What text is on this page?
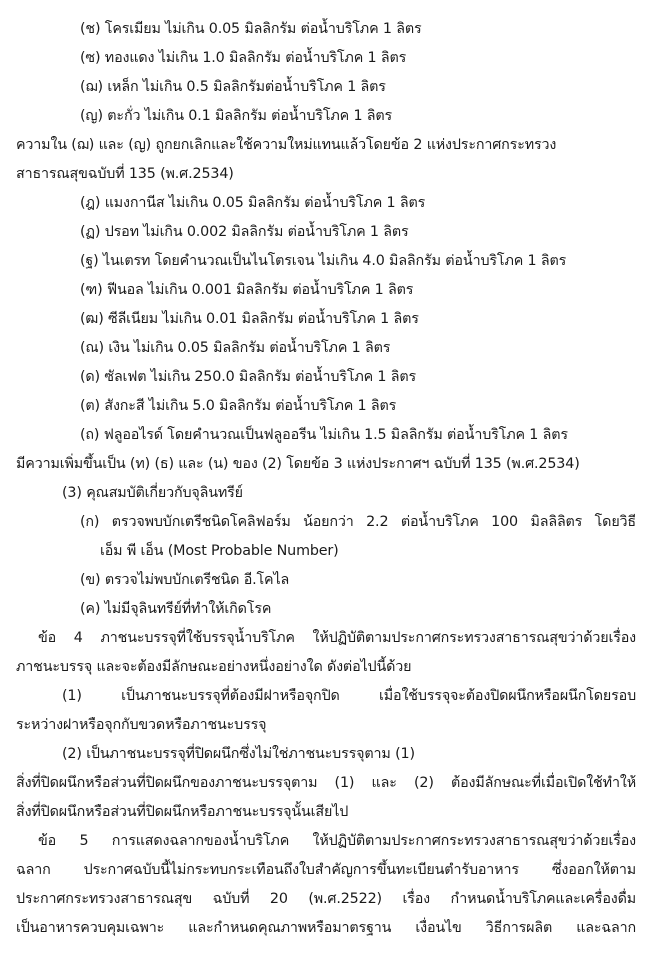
(ช) โครเมียม ไม่เกิน 0.05 มิลลิกรัม ต่อน้ำบริโภค 1 ลิตร
(ซ) ทองแดง ไม่เกิน 1.0 มิลลิกรัม ต่อน้ำบริโภค 1 ลิตร
(ฌ) เหล็ก ไม่เกิน 0.5 มิลลิกรัมต่อน้ำบริโภค 1 ลิตร
(ญ) ตะกั่ว ไม่เกิน 0.1 มิลลิกรัม ต่อน้ำบริโภค 1 ลิตร
ความใน (ฌ) และ (ญ) ถูกยกเลิกและใช้ความใหม่แทนแล้วโดยข้อ 2 แห่งประกาศกระทรวง
สาธารณสุขฉบับที่ 135 (พ.ศ.2534)
(ฎ) แมงกานีส ไม่เกิน 0.05 มิลลิกรัม ต่อน้ำบริโภค 1 ลิตร
(ฏ) ปรอท ไม่เกิน 0.002 มิลลิกรัม ต่อน้ำบริโภค 1 ลิตร
(ฐ) ไนเตรท โดยคำนวณเป็นไนโตรเจน ไม่เกิน 4.0 มิลลิกรัม ต่อน้ำบริโภค 1 ลิตร
(ฑ) ฟีนอล ไม่เกิน 0.001 มิลลิกรัม ต่อน้ำบริโภค 1 ลิตร
(ฒ) ซีลีเนียม ไม่เกิน 0.01 มิลลิกรัม ต่อน้ำบริโภค 1 ลิตร
(ณ) เงิน ไม่เกิน 0.05 มิลลิกรัม ต่อน้ำบริโภค 1 ลิตร
(ด) ซัลเฟต ไม่เกิน 250.0 มิลลิกรัม ต่อน้ำบริโภค 1 ลิตร
(ต) สังกะสี ไม่เกิน 5.0 มิลลิกรัม ต่อน้ำบริโภค 1 ลิตร
(ถ) ฟลูออไรด์ โดยคำนวณเป็นฟลูออรีน ไม่เกิน 1.5 มิลลิกรัม ต่อน้ำบริโภค 1 ลิตร
มีความเพิ่มขึ้นเป็น (ท) (ธ) และ (น) ของ (2) โดยข้อ 3 แห่งประกาศฯ ฉบับที่ 135 (พ.ศ.2534)
(3) คุณสมบัติเกี่ยวกับจุลินทรีย์
(ก) ตรวจพบบักเตรีชนิดโคลิฟอร์ม น้อยกว่า 2.2 ต่อน้ำบริโภค 100 มิลลิลิตร โดยวิธี
เอ็ม พี เอ็น (Most Probable Number)
(ข) ตรวจไม่พบบักเตรีชนิด อี.โคไล
(ค) ไม่มีจุลินทรีย์ที่ทำให้เกิดโรค
ข้อ 4 ภาชนะบรรจุที่ใช้บรรจุน้ำบริโภค ให้ปฏิบัติตามประกาศกระทรวงสาธารณสุขว่าด้วยเรื่อง
ภาชนะบรรจุ และจะต้องมีลักษณะอย่างหนึ่งอย่างใด ดังต่อไปนี้ด้วย
(1) เป็นภาชนะบรรจุที่ต้องมีฝาหรือจุกปิด เมื่อใช้บรรจุจะต้องปิดผนึกหรือผนึกโดยรอบ
ระหว่างฝาหรือจุกกับขวดหรือภาชนะบรรจุ
(2) เป็นภาชนะบรรจุที่ปิดผนึกซึ่งไม่ใช่ภาชนะบรรจุตาม (1)
สิ่งที่ปิดผนึกหรือส่วนที่ปิดผนึกของภาชนะบรรจุตาม (1) และ (2) ต้องมีลักษณะที่เมื่อเปิดใช้ทำให้
สิ่งที่ปิดผนึกหรือส่วนที่ปิดผนึกหรือภาชนะบรรจุนั้นเสียไป
ข้อ 5 การแสดงฉลากของน้ำบริโภค ให้ปฏิบัติตามประกาศกระทรวงสาธารณสุขว่าด้วยเรื่อง
ฉลาก ประกาศฉบับนี้ไม่กระทบกระเทือนถึงใบสำคัญการขึ้นทะเบียนตำรับอาหาร ซึ่งออกให้ตาม
ประกาศกระทรวงสาธารณสุข ฉบับที่ 20 (พ.ศ.2522) เรื่อง กำหนดน้ำบริโภคและเครื่องดื่ม
เป็นอาหารควบคุมเฉพาะ และกำหนดคุณภาพหรือมาตรฐาน เงื่อนไข วิธีการผลิต และฉลาก
